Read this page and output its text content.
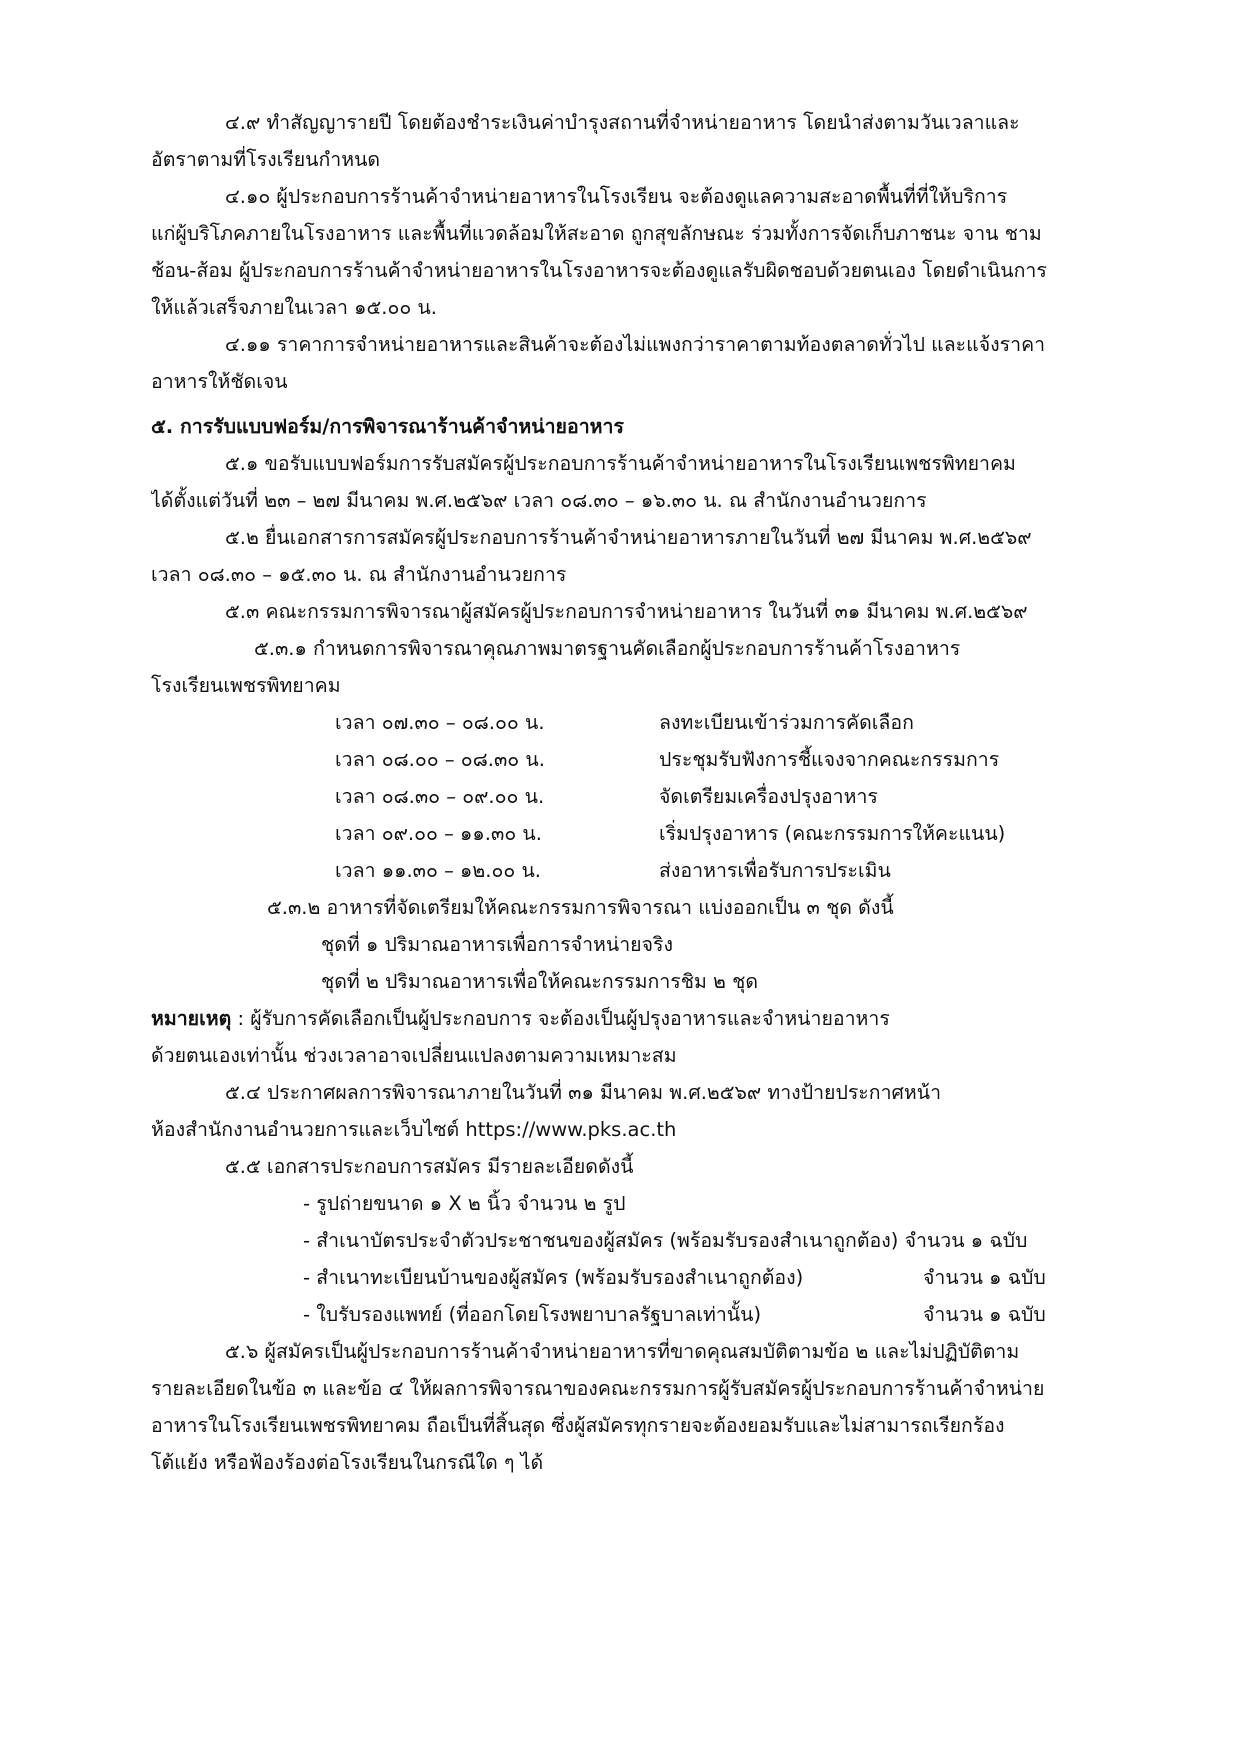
๔.๙ ทำสัญญารายปี โดยต้องชำระเงินค่าบำรุงสถานที่จำหน่ายอาหาร โดยนำส่งตามวันเวลาและ
อัตราตามที่โรงเรียนกำหนด
๔.๑๐ ผู้ประกอบการร้านค้าจำหน่ายอาหารในโรงเรียน จะต้องดูแลความสะอาดพื้นที่ที่ให้บริการ
แก่ผู้บริโภคภายในโรงอาหาร และพื้นที่แวดล้อมให้สะอาด ถูกสุขลักษณะ ร่วมทั้งการจัดเก็บภาชนะ จาน ชาม
ช้อน-ส้อม ผู้ประกอบการร้านค้าจำหน่ายอาหารในโรงอาหารจะต้องดูแลรับผิดชอบด้วยตนเอง โดยดำเนินการ
ให้แล้วเสร็จภายในเวลา ๑๕.๐๐ น.
๔.๑๑ ราคาการจำหน่ายอาหารและสินค้าจะต้องไม่แพงกว่าราคาตามท้องตลาดทั่วไป และแจ้งราคา
อาหารให้ชัดเจน
๕. การรับแบบฟอร์ม/การพิจารณาร้านค้าจำหน่ายอาหาร
๕.๑ ขอรับแบบฟอร์มการรับสมัครผู้ประกอบการร้านค้าจำหน่ายอาหารในโรงเรียนเพชรพิทยาคม
ได้ตั้งแต่วันที่ ๒๓ – ๒๗ มีนาคม พ.ศ.๒๕๖๙ เวลา ๐๘.๓๐ – ๑๖.๓๐ น. ณ สำนักงานอำนวยการ
๕.๒ ยื่นเอกสารการสมัครผู้ประกอบการร้านค้าจำหน่ายอาหารภายในวันที่ ๒๗ มีนาคม พ.ศ.๒๕๖๙
เวลา ๐๘.๓๐ – ๑๕.๓๐ น. ณ สำนักงานอำนวยการ
๕.๓ คณะกรรมการพิจารณาผู้สมัครผู้ประกอบการจำหน่ายอาหาร ในวันที่ ๓๑ มีนาคม พ.ศ.๒๕๖๙
๕.๓.๑ กำหนดการพิจารณาคุณภาพมาตรฐานคัดเลือกผู้ประกอบการร้านค้าโรงอาหาร
โรงเรียนเพชรพิทยาคม
เวลา ๐๗.๓๐ – ๐๘.๐๐ น.	ลงทะเบียนเข้าร่วมการคัดเลือก
เวลา ๐๘.๐๐ – ๐๘.๓๐ น.	ประชุมรับฟังการชี้แจงจากคณะกรรมการ
เวลา ๐๘.๓๐ – ๐๙.๐๐ น.	จัดเตรียมเครื่องปรุงอาหาร
เวลา ๐๙.๐๐ – ๑๑.๓๐ น.	เริ่มปรุงอาหาร (คณะกรรมการให้คะแนน)
เวลา ๑๑.๓๐ – ๑๒.๐๐ น.	ส่งอาหารเพื่อรับการประเมิน
๕.๓.๒ อาหารที่จัดเตรียมให้คณะกรรมการพิจารณา แบ่งออกเป็น ๓ ชุด ดังนี้
ชุดที่ ๑ ปริมาณอาหารเพื่อการจำหน่ายจริง
ชุดที่ ๒ ปริมาณอาหารเพื่อให้คณะกรรมการชิม ๒ ชุด
หมายเหตุ : ผู้รับการคัดเลือกเป็นผู้ประกอบการ จะต้องเป็นผู้ปรุงอาหารและจำหน่ายอาหาร
ด้วยตนเองเท่านั้น ช่วงเวลาอาจเปลี่ยนแปลงตามความเหมาะสม
๕.๔ ประกาศผลการพิจารณาภายในวันที่ ๓๑ มีนาคม พ.ศ.๒๕๖๙ ทางป้ายประกาศหน้า
ห้องสำนักงานอำนวยการและเว็บไซต์ https://www.pks.ac.th
๕.๕ เอกสารประกอบการสมัคร มีรายละเอียดดังนี้
- รูปถ่ายขนาด ๑ X ๒ นิ้ว จำนวน ๒ รูป
- สำเนาบัตรประจำตัวประชาชนของผู้สมัคร (พร้อมรับรองสำเนาถูกต้อง) จำนวน ๑ ฉบับ
- สำเนาทะเบียนบ้านของผู้สมัคร (พร้อมรับรองสำเนาถูกต้อง)	จำนวน ๑ ฉบับ
- ใบรับรองแพทย์ (ที่ออกโดยโรงพยาบาลรัฐบาลเท่านั้น)	จำนวน ๑ ฉบับ
๕.๖ ผู้สมัครเป็นผู้ประกอบการร้านค้าจำหน่ายอาหารที่ขาดคุณสมบัติตามข้อ ๒ และไม่ปฏิบัติตาม
รายละเอียดในข้อ ๓ และข้อ ๔ ให้ผลการพิจารณาของคณะกรรมการผู้รับสมัครผู้ประกอบการร้านค้าจำหน่าย
อาหารในโรงเรียนเพชรพิทยาคม ถือเป็นที่สิ้นสุด ซึ่งผู้สมัครทุกรายจะต้องยอมรับและไม่สามารถเรียกร้อง
โต้แย้ง หรือฟ้องร้องต่อโรงเรียนในกรณีใด ๆ ได้
